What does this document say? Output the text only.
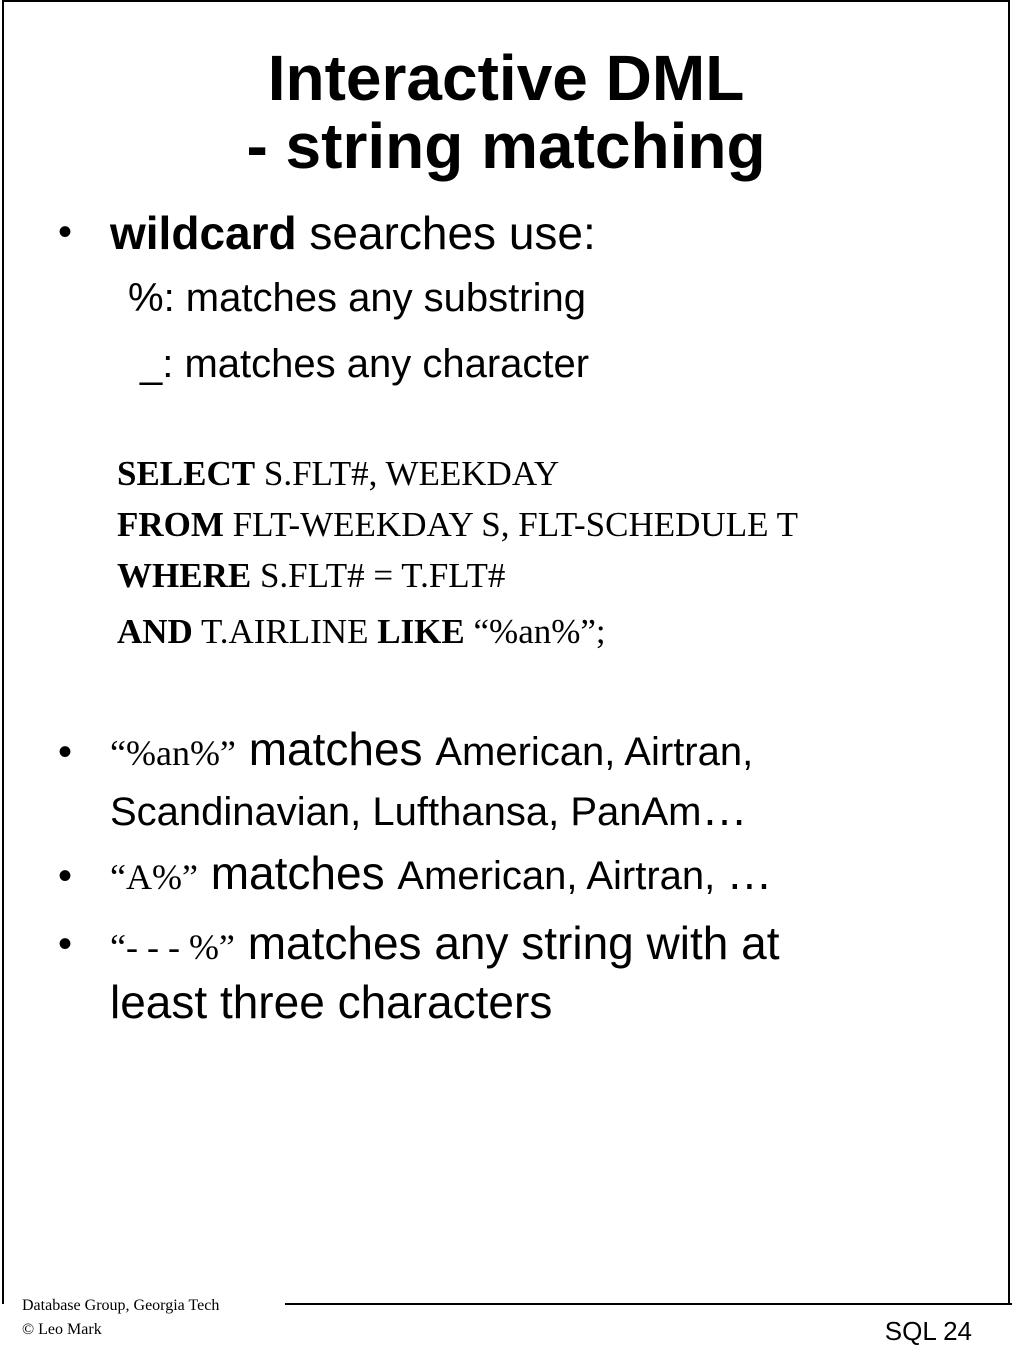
Interactive DML
- string matching
• wildcard searches use:
%: matches any substring
_: matches any character
SELECT S.FLT#, WEEKDAY
FROM FLT-WEEKDAY S, FLT-SCHEDULE T
WHERE S.FLT# = T.FLT#
AND T.AIRLINE LIKE “%an%”;
• “%an%” matches American, Airtran,
Scandinavian, Lufthansa, PanAm…
• “A%” matches American, Airtran, …
• “- - - %” matches any string with at
least three characters
Database Group, Georgia Tech
© Leo Mark	SQL 24
